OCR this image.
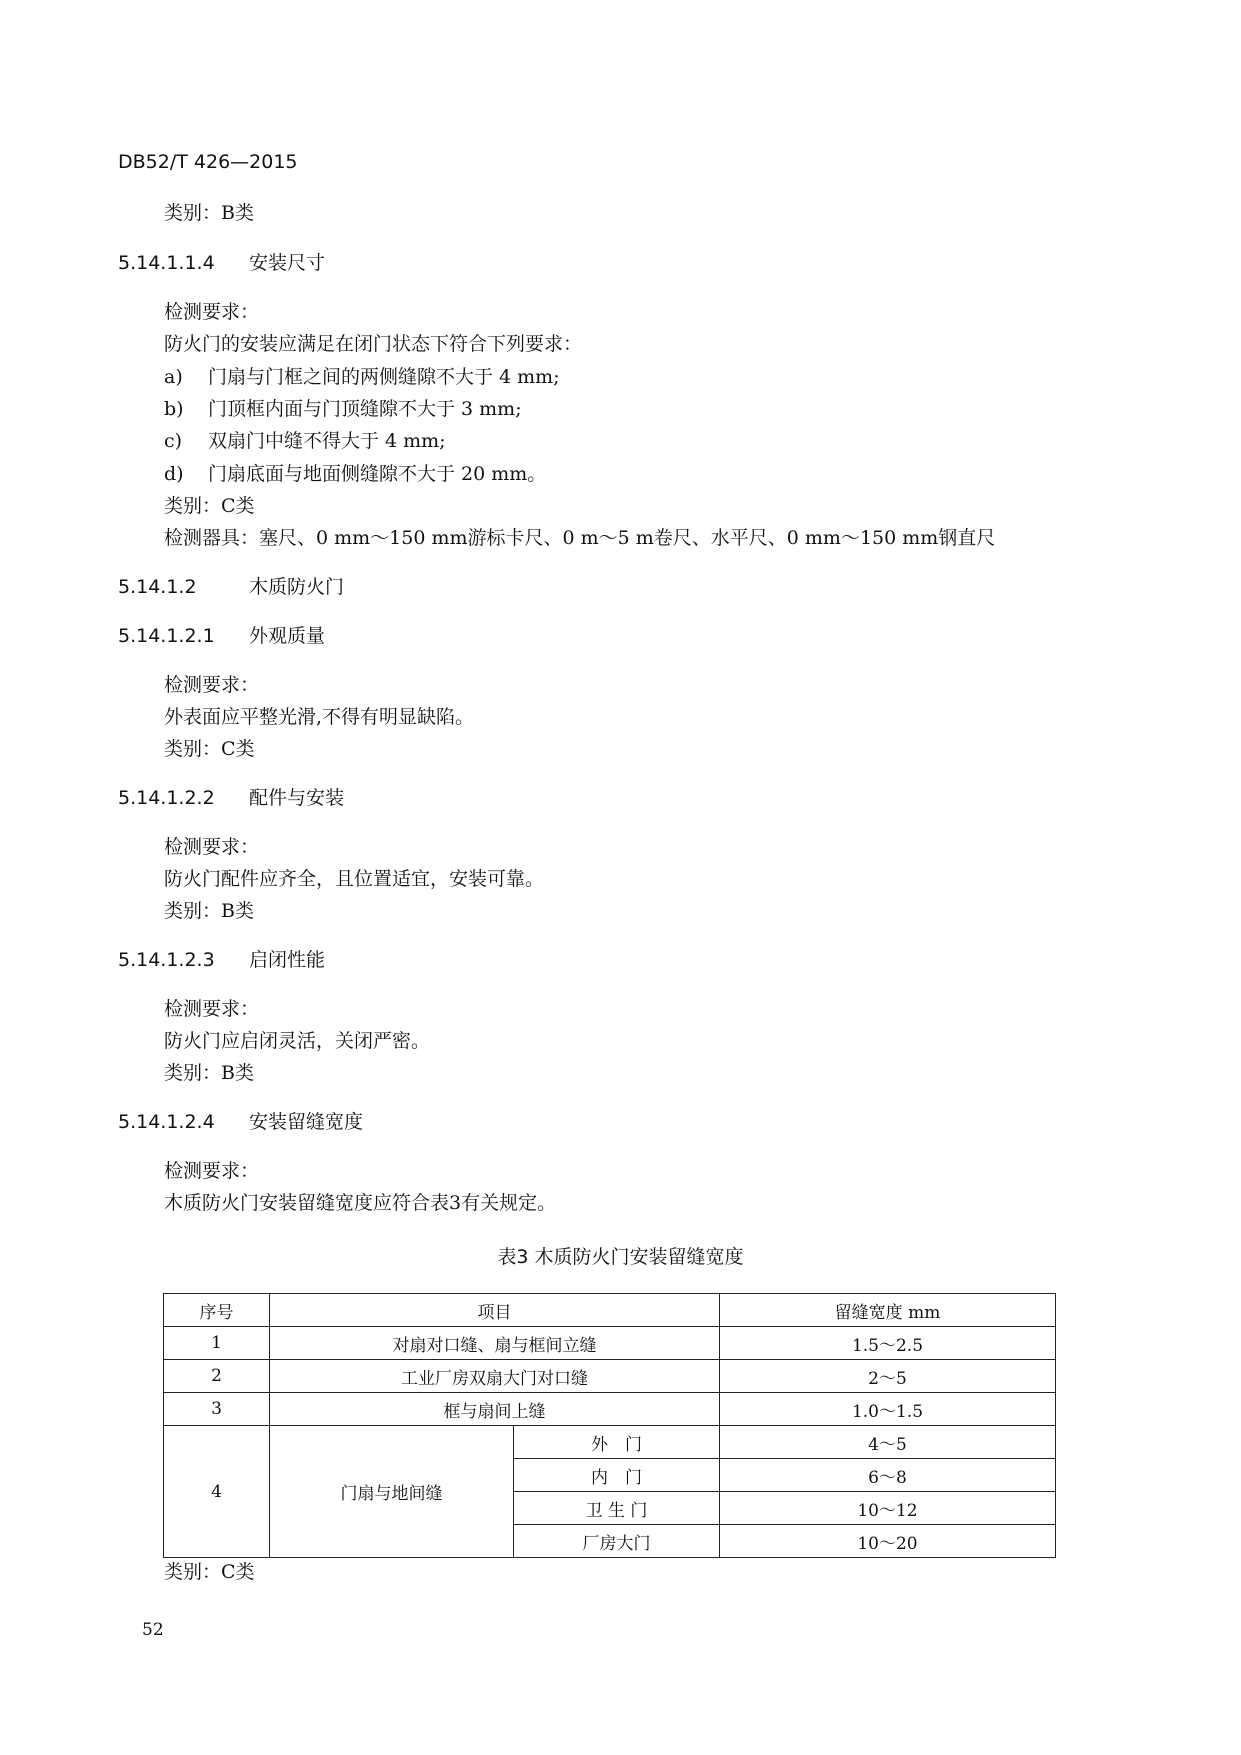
DB52/T 426—2015
类别：B类
5.14.1.1.4 安装尺寸
检测要求：
防火门的安装应满足在闭门状态下符合下列要求：
a) 门扇与门框之间的两侧缝隙不大于 4 mm;
b) 门顶框内面与门顶缝隙不大于 3 mm;
c) 双扇门中缝不得大于 4 mm;
d) 门扇底面与地面侧缝隙不大于 20 mm。
类别：C类
检测器具：塞尺、0 mm～150 mm游标卡尺、0 m～5 m卷尺、水平尺、0 mm～150 mm钢直尺
5.14.1.2	木质防火门
5.14.1.2.1 外观质量
检测要求：
外表面应平整光滑,不得有明显缺陷。
类别：C类
5.14.1.2.2 配件与安装
检测要求：
防火门配件应齐全，且位置适宜，安装可靠。
类别：B类
5.14.1.2.3 启闭性能
检测要求：
防火门应启闭灵活，关闭严密。
类别：B类
5.14.1.2.4 安装留缝宽度
检测要求：
木质防火门安装留缝宽度应符合表3有关规定。
表3 木质防火门安装留缝宽度
序号	项目		留缝宽度 mm
1	对扇对口缝、扇与框间立缝		1.5～2.5
2	工业厂房双扇大门对口缝		2～5
3	框与扇间上缝		1.0～1.5
4	门扇与地间缝	外　门	4～5
		内　门	6～8
		卫 生 门	10～12
		厂房大门	10～20
类别：C类
52
